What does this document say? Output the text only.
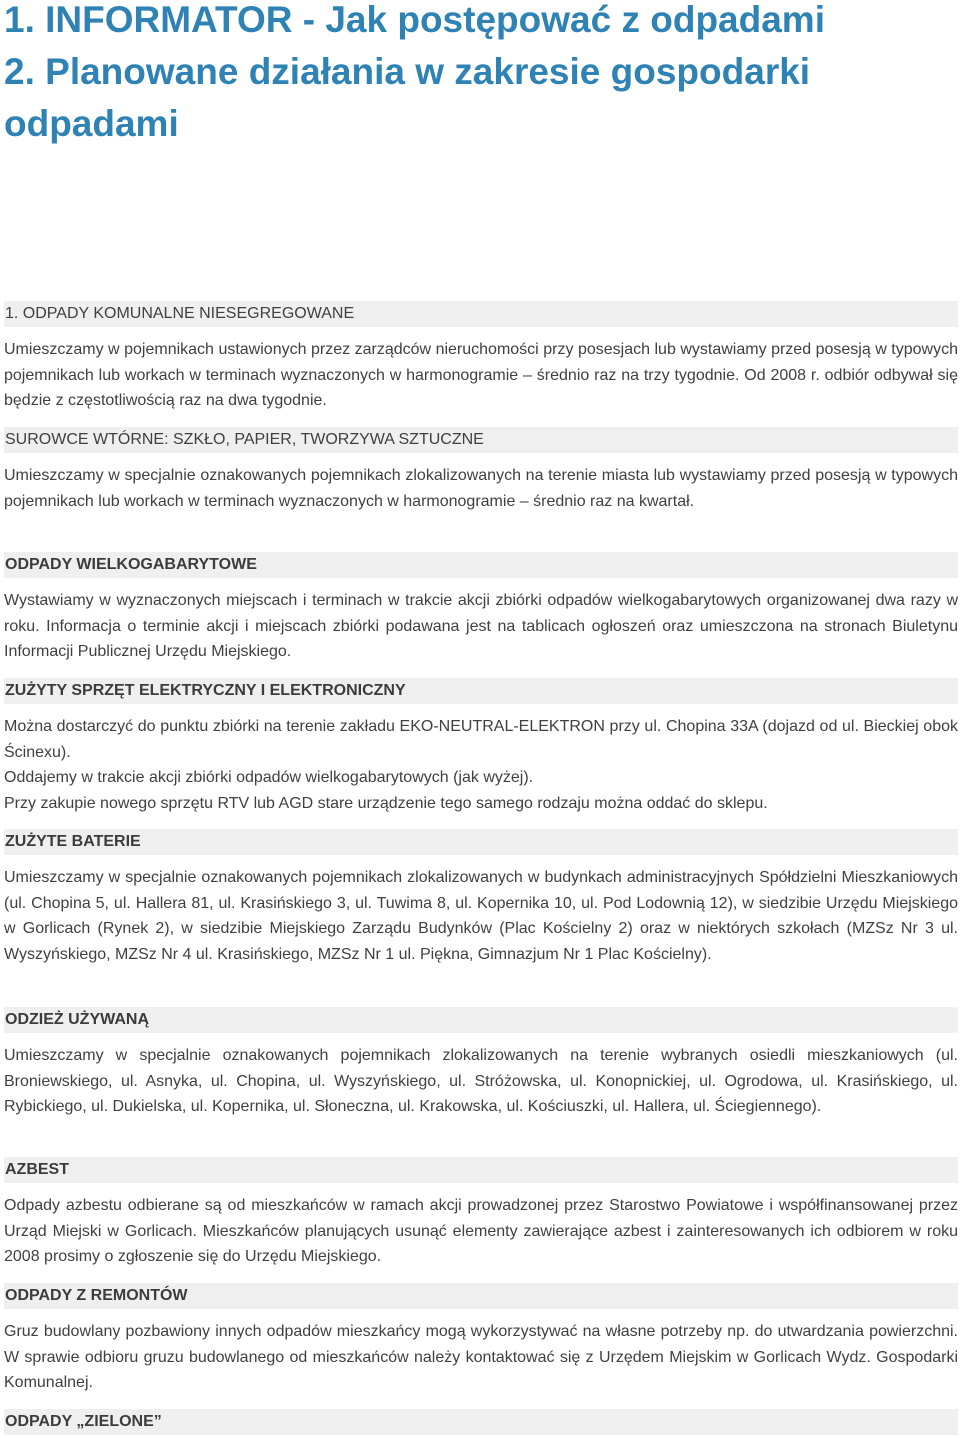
1. INFORMATOR - Jak postępować z odpadami
2. Planowane działania w zakresie gospodarki
odpadami
1. ODPADY KOMUNALNE NIESEGREGOWANE

Umieszczamy w pojemnikach ustawionych przez zarządców nieruchomości przy posesjach lub wystawiamy przed posesją w typowych pojemnikach lub workach w terminach wyznaczonych w harmonogramie – średnio raz na trzy tygodnie. Od 2008 r. odbiór odbywał się będzie z częstotliwością raz na dwa tygodnie.

SUROWCE WTÓRNE: SZKŁO, PAPIER, TWORZYWA SZTUCZNE

Umieszczamy w specjalnie oznakowanych pojemnikach zlokalizowanych na terenie miasta lub wystawiamy przed posesją w typowych pojemnikach lub workach w terminach wyznaczonych w harmonogramie – średnio raz na kwartał.

ODPADY WIELKOGABARYTOWE

Wystawiamy w wyznaczonych miejscach i terminach w trakcie akcji zbiórki odpadów wielkogabarytowych organizowanej dwa razy w roku. Informacja o terminie akcji i miejscach zbiórki podawana jest na tablicach ogłoszeń oraz umieszczona na stronach Biuletynu Informacji Publicznej Urzędu Miejskiego.

ZUŻYTY SPRZĘT ELEKTRYCZNY I ELEKTRONICZNY

Można dostarczyć do punktu zbiórki na terenie zakładu EKO-NEUTRAL-ELEKTRON przy ul. Chopina 33A (dojazd od ul. Bieckiej obok Ścinexu).

Oddajemy w trakcie akcji zbiórki odpadów wielkogabarytowych (jak wyżej).

Przy zakupie nowego sprzętu RTV lub AGD stare urządzenie tego samego rodzaju można oddać do sklepu.

ZUŻYTE BATERIE

Umieszczamy w specjalnie oznakowanych pojemnikach zlokalizowanych w budynkach administracyjnych Spółdzielni Mieszkaniowych (ul. Chopina 5, ul. Hallera 81, ul. Krasińskiego 3, ul. Tuwima 8, ul. Kopernika 10, ul. Pod Lodownią 12), w siedzibie Urzędu Miejskiego w Gorlicach (Rynek 2), w siedzibie Miejskiego Zarządu Budynków (Plac Kościelny 2) oraz w niektórych szkołach (MZSz Nr 3 ul. Wyszyńskiego, MZSz Nr 4 ul. Krasińskiego, MZSz Nr 1 ul. Piękna, Gimnazjum Nr 1 Plac Kościelny).

ODZIEŻ UŻYWANĄ

Umieszczamy w specjalnie oznakowanych pojemnikach zlokalizowanych na terenie wybranych osiedli mieszkaniowych (ul. Broniewskiego, ul. Asnyka, ul. Chopina, ul. Wyszyńskiego, ul. Stróżowska, ul. Konopnickiej, ul. Ogrodowa, ul. Krasińskiego, ul. Rybickiego, ul. Dukielska, ul. Kopernika, ul. Słoneczna, ul. Krakowska, ul. Kościuszki, ul. Hallera, ul. Ściegiennego).

AZBEST

Odpady azbestu odbierane są od mieszkańców w ramach akcji prowadzonej przez Starostwo Powiatowe i współfinansowanej przez Urząd Miejski w Gorlicach. Mieszkańców planujących usunąć elementy zawierające azbest i zainteresowanych ich odbiorem w roku 2008 prosimy o zgłoszenie się do Urzędu Miejskiego.

ODPADY Z REMONTÓW

Gruz budowlany pozbawiony innych odpadów mieszkańcy mogą wykorzystywać na własne potrzeby np. do utwardzania powierzchni. W sprawie odbioru gruzu budowlanego od mieszkańców należy kontaktować się z Urzędem Miejskim w Gorlicach Wydz. Gospodarki Komunalnej.

ODPADY „ZIELONE”
